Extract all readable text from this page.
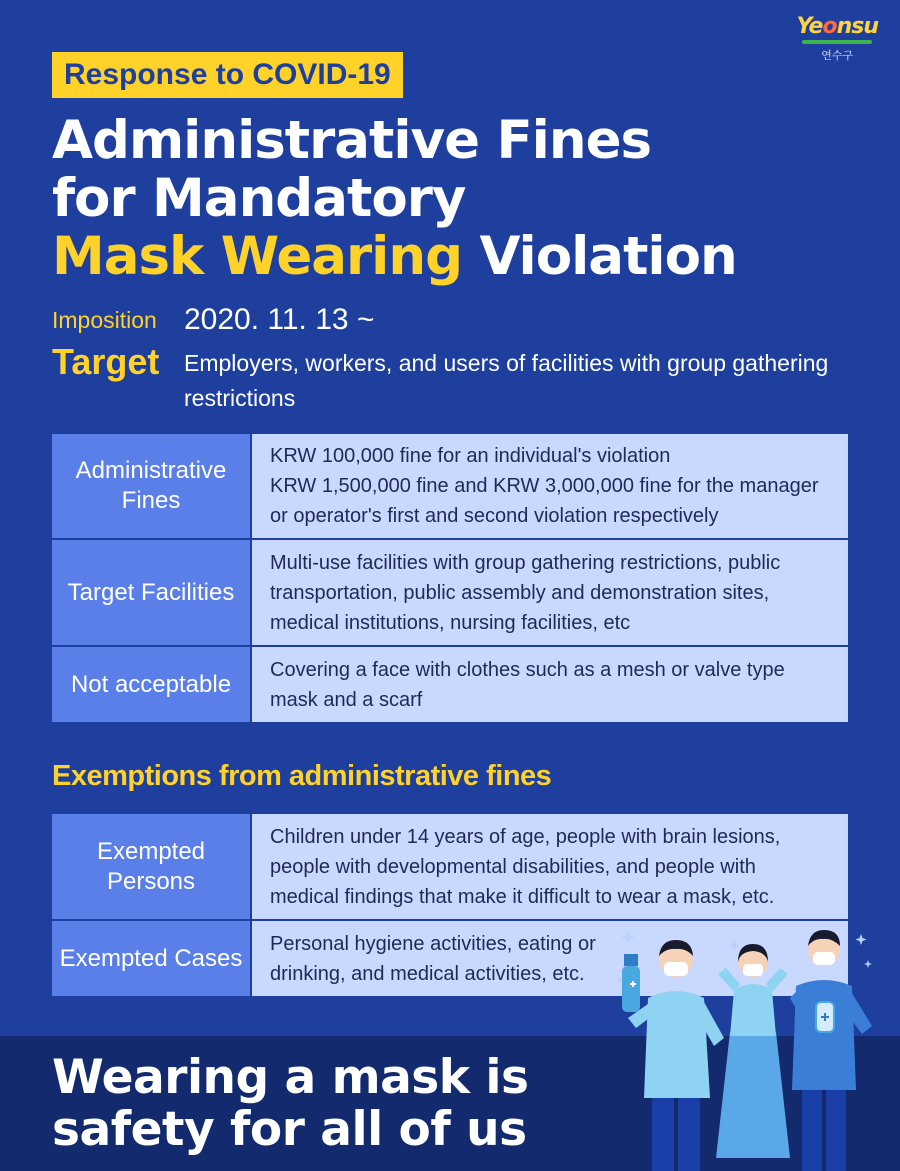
Yeonsu
연수구
Response to COVID-19
Administrative Fines
for Mandatory
Mask Wearing Violation
Imposition 2020. 11. 13 ~
Target	Employers, workers, and users of facilities with group gathering restrictions
Administrative Fines	KRW 100,000 fine for an individual's violation
KRW 1,500,000 fine and KRW 3,000,000 fine for the manager
or operator's first and second violation respectively

Target Facilities	Multi-use facilities with group gathering restrictions, public
transportation, public assembly and demonstration sites,
medical institutions, nursing facilities, etc

Not acceptable	Covering a face with clothes such as a mesh or valve type
mask and a scarf
Exemptions from administrative fines
Exempted Persons	Children under 14 years of age, people with brain lesions,
people with developmental disabilities, and people with
medical findings that make it difficult to wear a mask, etc.

Exempted Cases	Personal hygiene activities, eating or
drinking, and medical activities, etc.
Wearing a mask is
safety for all of us
